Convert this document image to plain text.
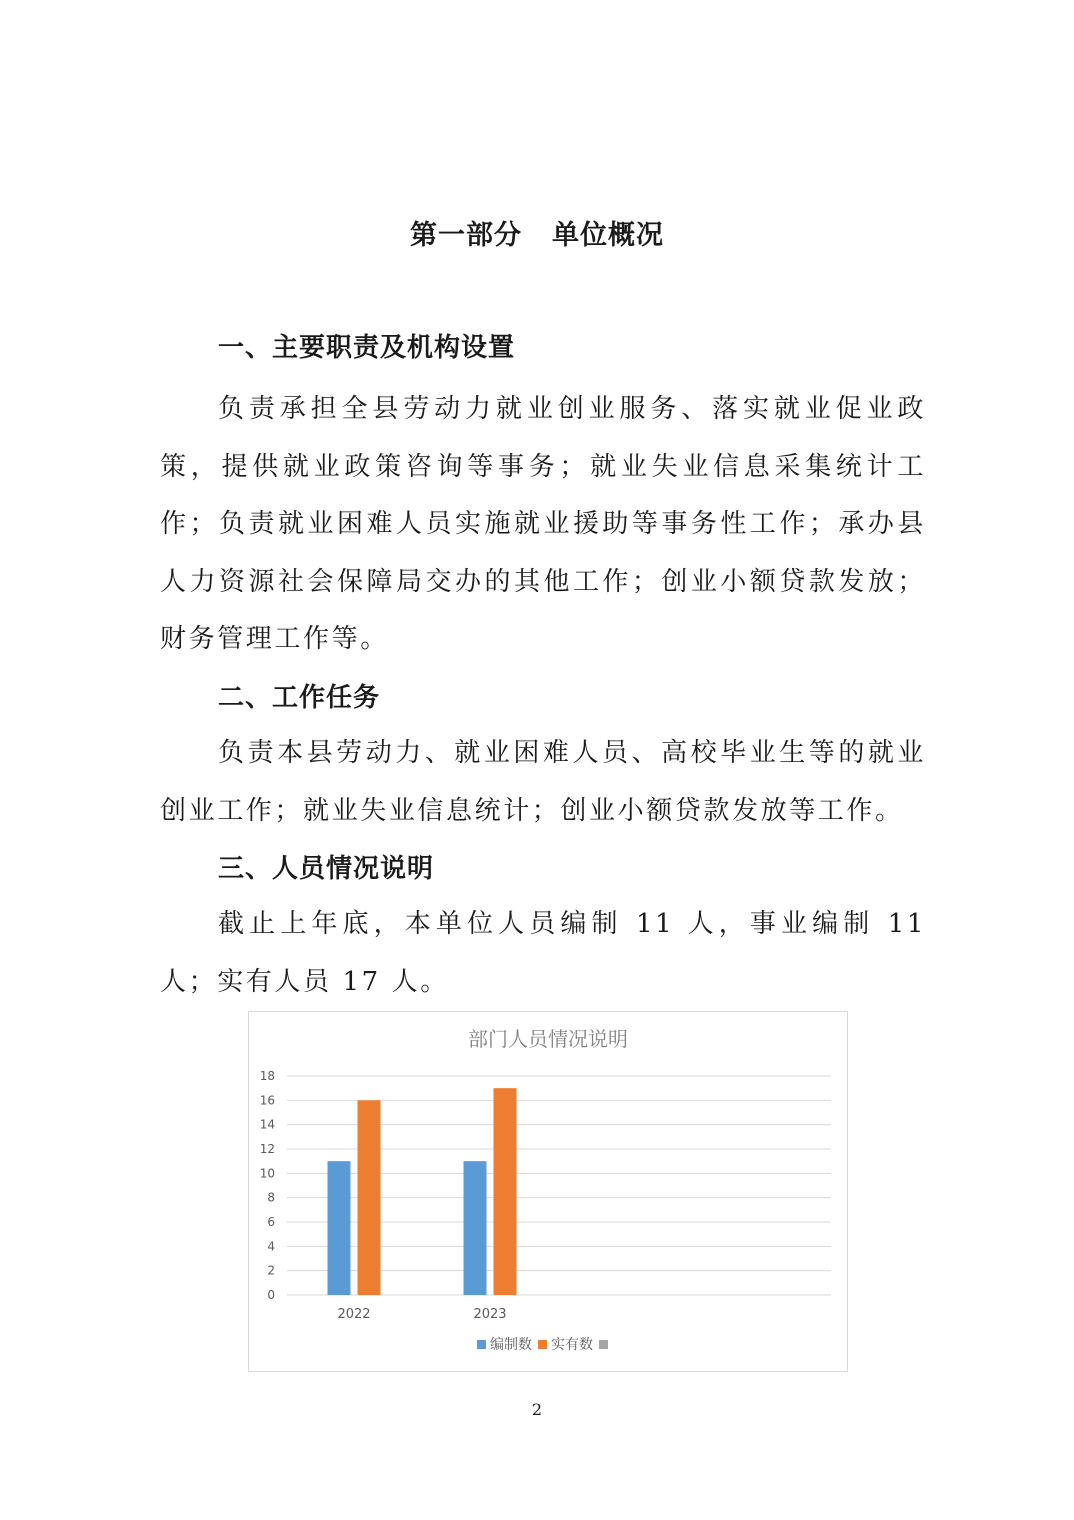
第一部分 单位概况
一、主要职责及机构设置

负责承担全县劳动力就业创业服务、落实就业促业政策，提供就业政策咨询等事务；就业失业信息采集统计工作；负责就业困难人员实施就业援助等事务性工作；承办县人力资源社会保障局交办的其他工作；创业小额贷款发放；财务管理工作等。

二、工作任务

负责本县劳动力、就业困难人员、高校毕业生等的就业创业工作；就业失业信息统计；创业小额贷款发放等工作。

三、人员情况说明

截止上年底，本单位人员编制 11 人，事业编制 11 人；实有人员 17 人。

部门人员情况说明
0
2
4
6
8
10
12
14
16
18
2022	2023
编制数 实有数

2
